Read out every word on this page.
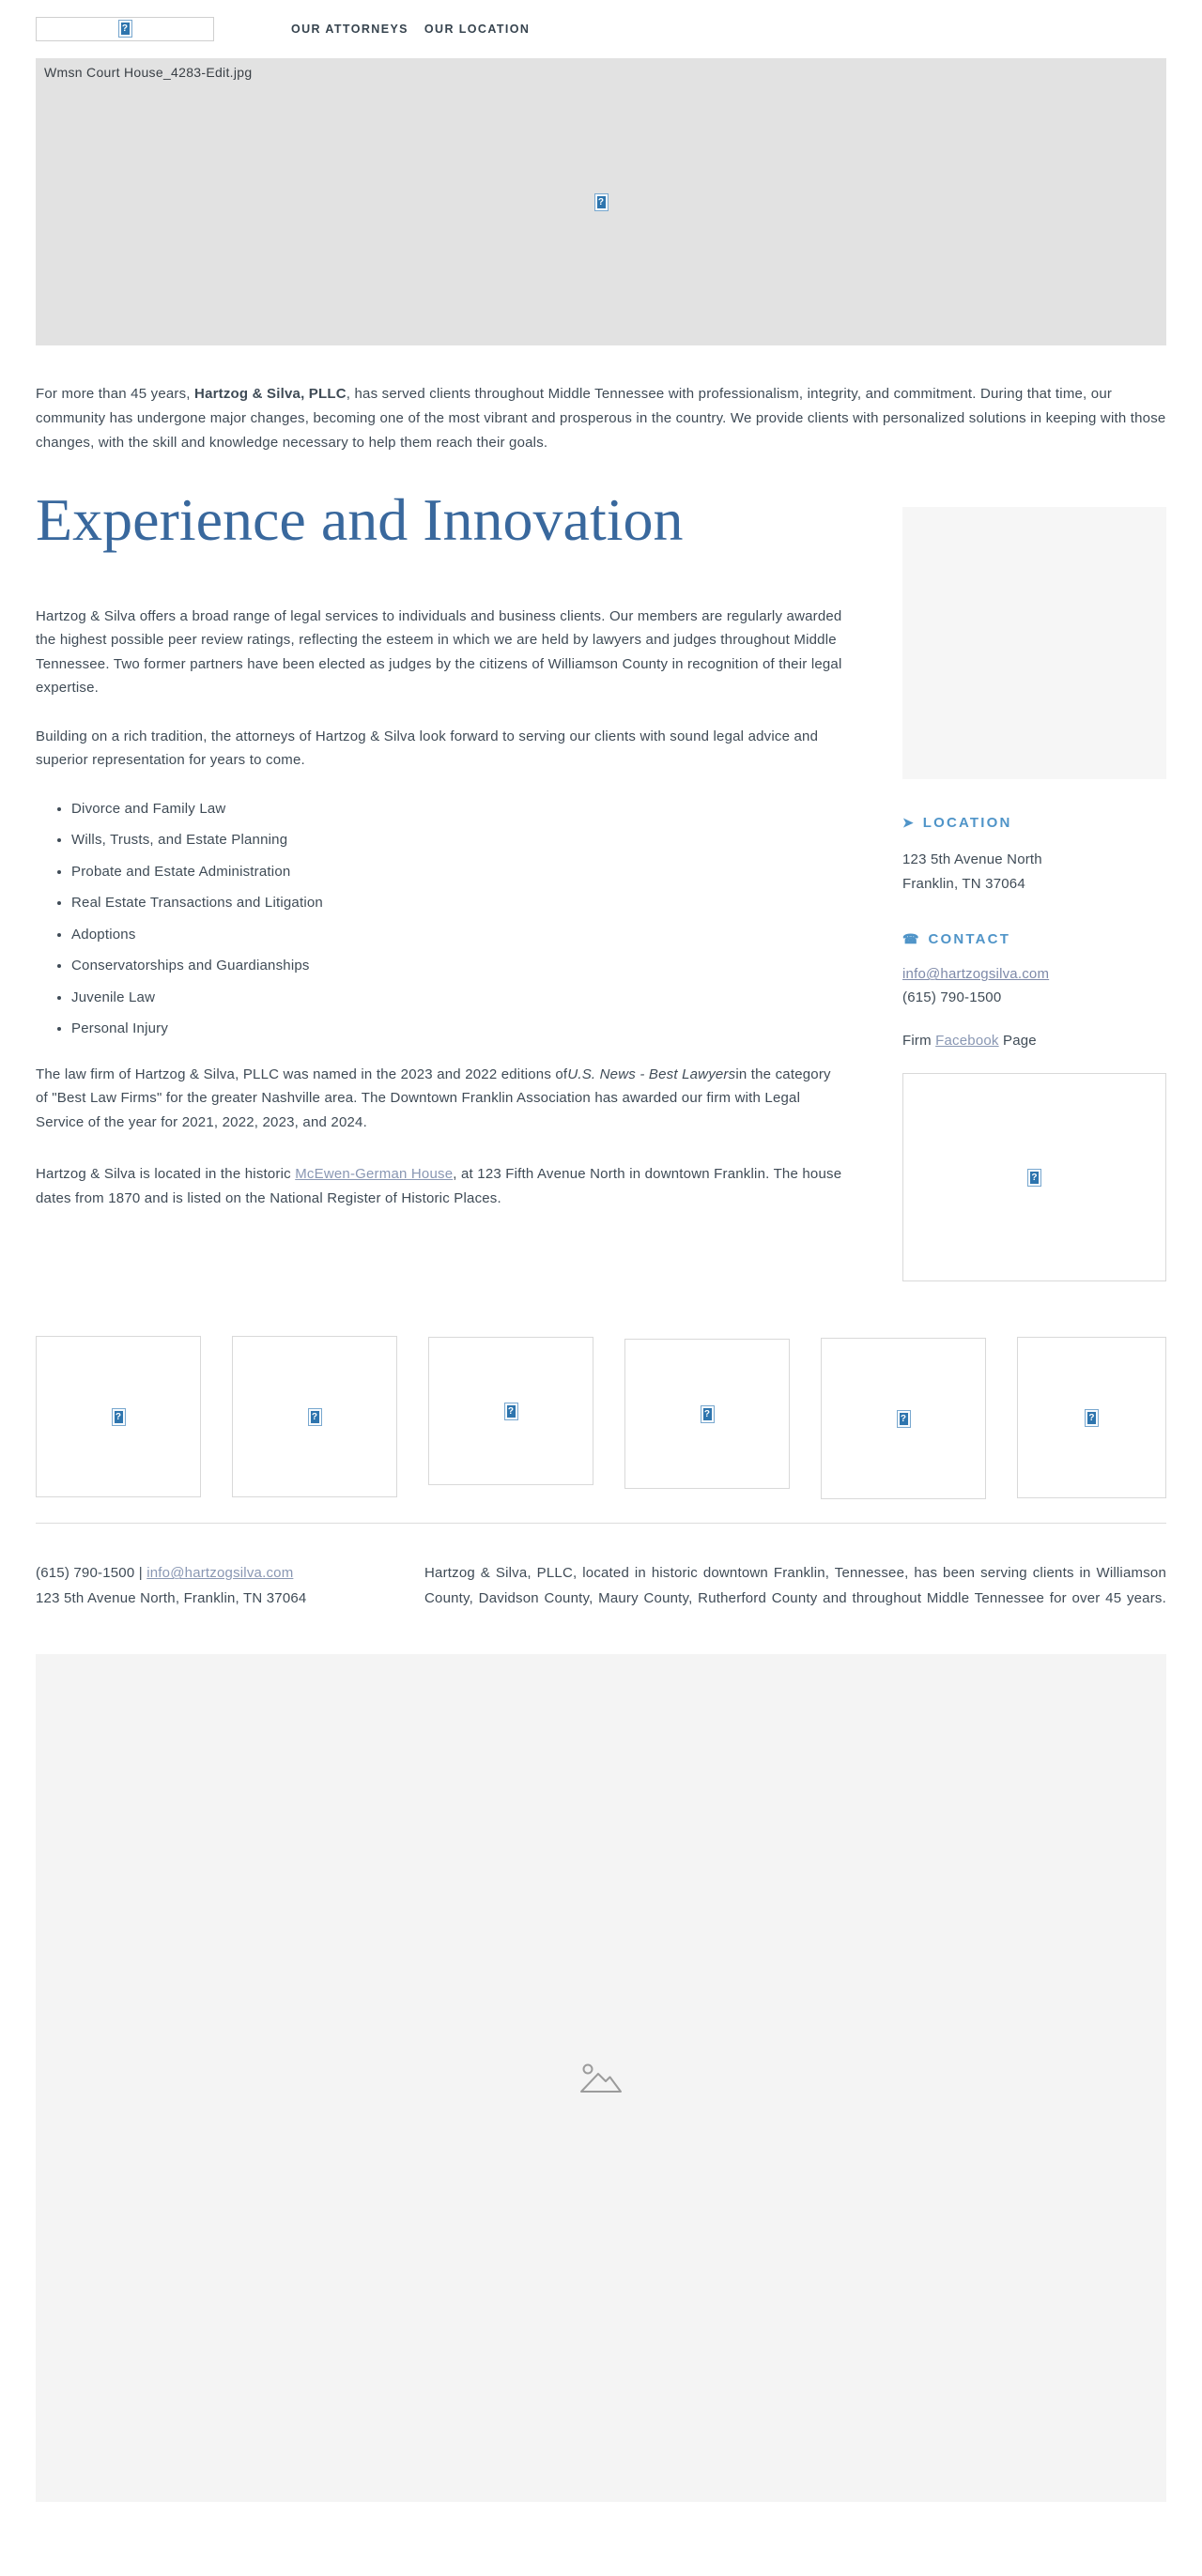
?	OUR ATTORNEYS OUR LOCATION
Wmsn Court House_4283-Edit.jpg
?

For more than 45 years, Hartzog & Silva, PLLC, has served clients throughout Middle Tennessee with professionalism, integrity, and commitment. During that time, our community has undergone major changes, becoming one of the most vibrant and prosperous in the country. We provide clients with personalized solutions in keeping with those changes, with the skill and knowledge necessary to help them reach their goals.

Experience and Innovation

Hartzog & Silva offers a broad range of legal services to individuals and business clients. Our members are regularly awarded the highest possible peer review ratings, reflecting the esteem in which we are held by lawyers and judges throughout Middle Tennessee. Two former partners have been elected as judges by the citizens of Williamson County in recognition of their legal expertise.

Building on a rich tradition, the attorneys of Hartzog & Silva look forward to serving our clients with sound legal advice and superior representation for years to come.

• Divorce and Family Law
• Wills, Trusts, and Estate Planning
• Probate and Estate Administration
• Real Estate Transactions and Litigation
• Adoptions
• Conservatorships and Guardianships
• Juvenile Law
• Personal Injury

The law firm of Hartzog & Silva, PLLC was named in the 2023 and 2022 editions ofU.S. News - Best Lawyersin the category of "Best Law Firms" for the greater Nashville area. The Downtown Franklin Association has awarded our firm with Legal Service of the year for 2021, 2022, 2023, and 2024.

Hartzog & Silva is located in the historic McEwen-German House, at 123 Fifth Avenue North in downtown Franklin. The house dates from 1870 and is listed on the National Register of Historic Places.

➤ LOCATION
123 5th Avenue North
Franklin, TN 37064
☎ CONTACT
info@hartzogsilva.com
(615) 790-1500
Firm Facebook Page
?
?	?
?	?	?	?
(615) 790-1500 | info@hartzogsilva.com
123 5th Avenue North, Franklin, TN 37064
Hartzog & Silva, PLLC, located in historic downtown Franklin, Tennessee, has been serving clients in Williamson County, Davidson County, Maury County, Rutherford County and throughout Middle Tennessee for over 45 years.
